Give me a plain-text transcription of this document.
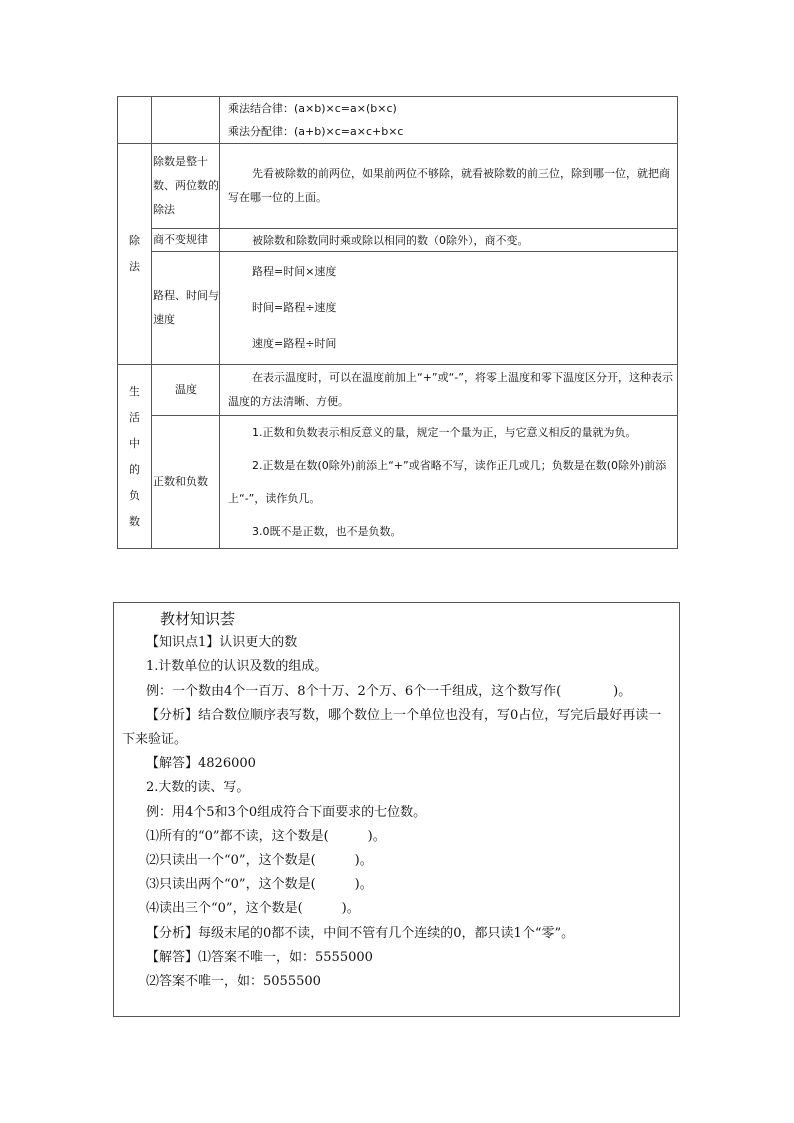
		乘法结合律：(a×b)×c=a×(b×c)
乘法分配律：(a+b)×c=a×c+b×c

除法	除数是整十数、两位数的除法	先看被除数的前两位，如果前两位不够除，就看被除数的前三位，除到哪一位，就把商写在哪一位的上面。
	商不变规律	被除数和除数同时乘或除以相同的数（0除外），商不变。
	路程、时间与速度	路程=时间×速度
时间=路程÷速度
速度=路程÷时间

生活中的负数	温度	在表示温度时，可以在温度前加上“+”或“-”，将零上温度和零下温度区分开，这种表示温度的方法清晰、方便。
	正数和负数	1.正数和负数表示相反意义的量，规定一个量为正，与它意义相反的量就为负。
2.正数是在数(0除外)前添上“+”或省略不写，读作正几或几；负数是在数(0除外)前添上“-”，读作负几。
3.0既不是正数，也不是负数。
教材知识荟
【知识点1】认识更大的数
1.计数单位的认识及数的组成。
例：一个数由4个一百万、8个十万、2个万、6个一千组成，这个数写作(　　　　)。
【分析】结合数位顺序表写数，哪个数位上一个单位也没有，写0占位，写完后最好再读一下来验证。
【解答】4826000
2.大数的读、写。
例：用4个5和3个0组成符合下面要求的七位数。
⑴所有的“0”都不读，这个数是(　　　)。
⑵只读出一个“0”，这个数是(　　　)。
⑶只读出两个“0”，这个数是(　　　)。
⑷读出三个“0”，这个数是(　　　)。
【分析】每级末尾的0都不读，中间不管有几个连续的0，都只读1个“零”。
【解答】⑴答案不唯一，如：5555000
⑵答案不唯一，如：5055500
